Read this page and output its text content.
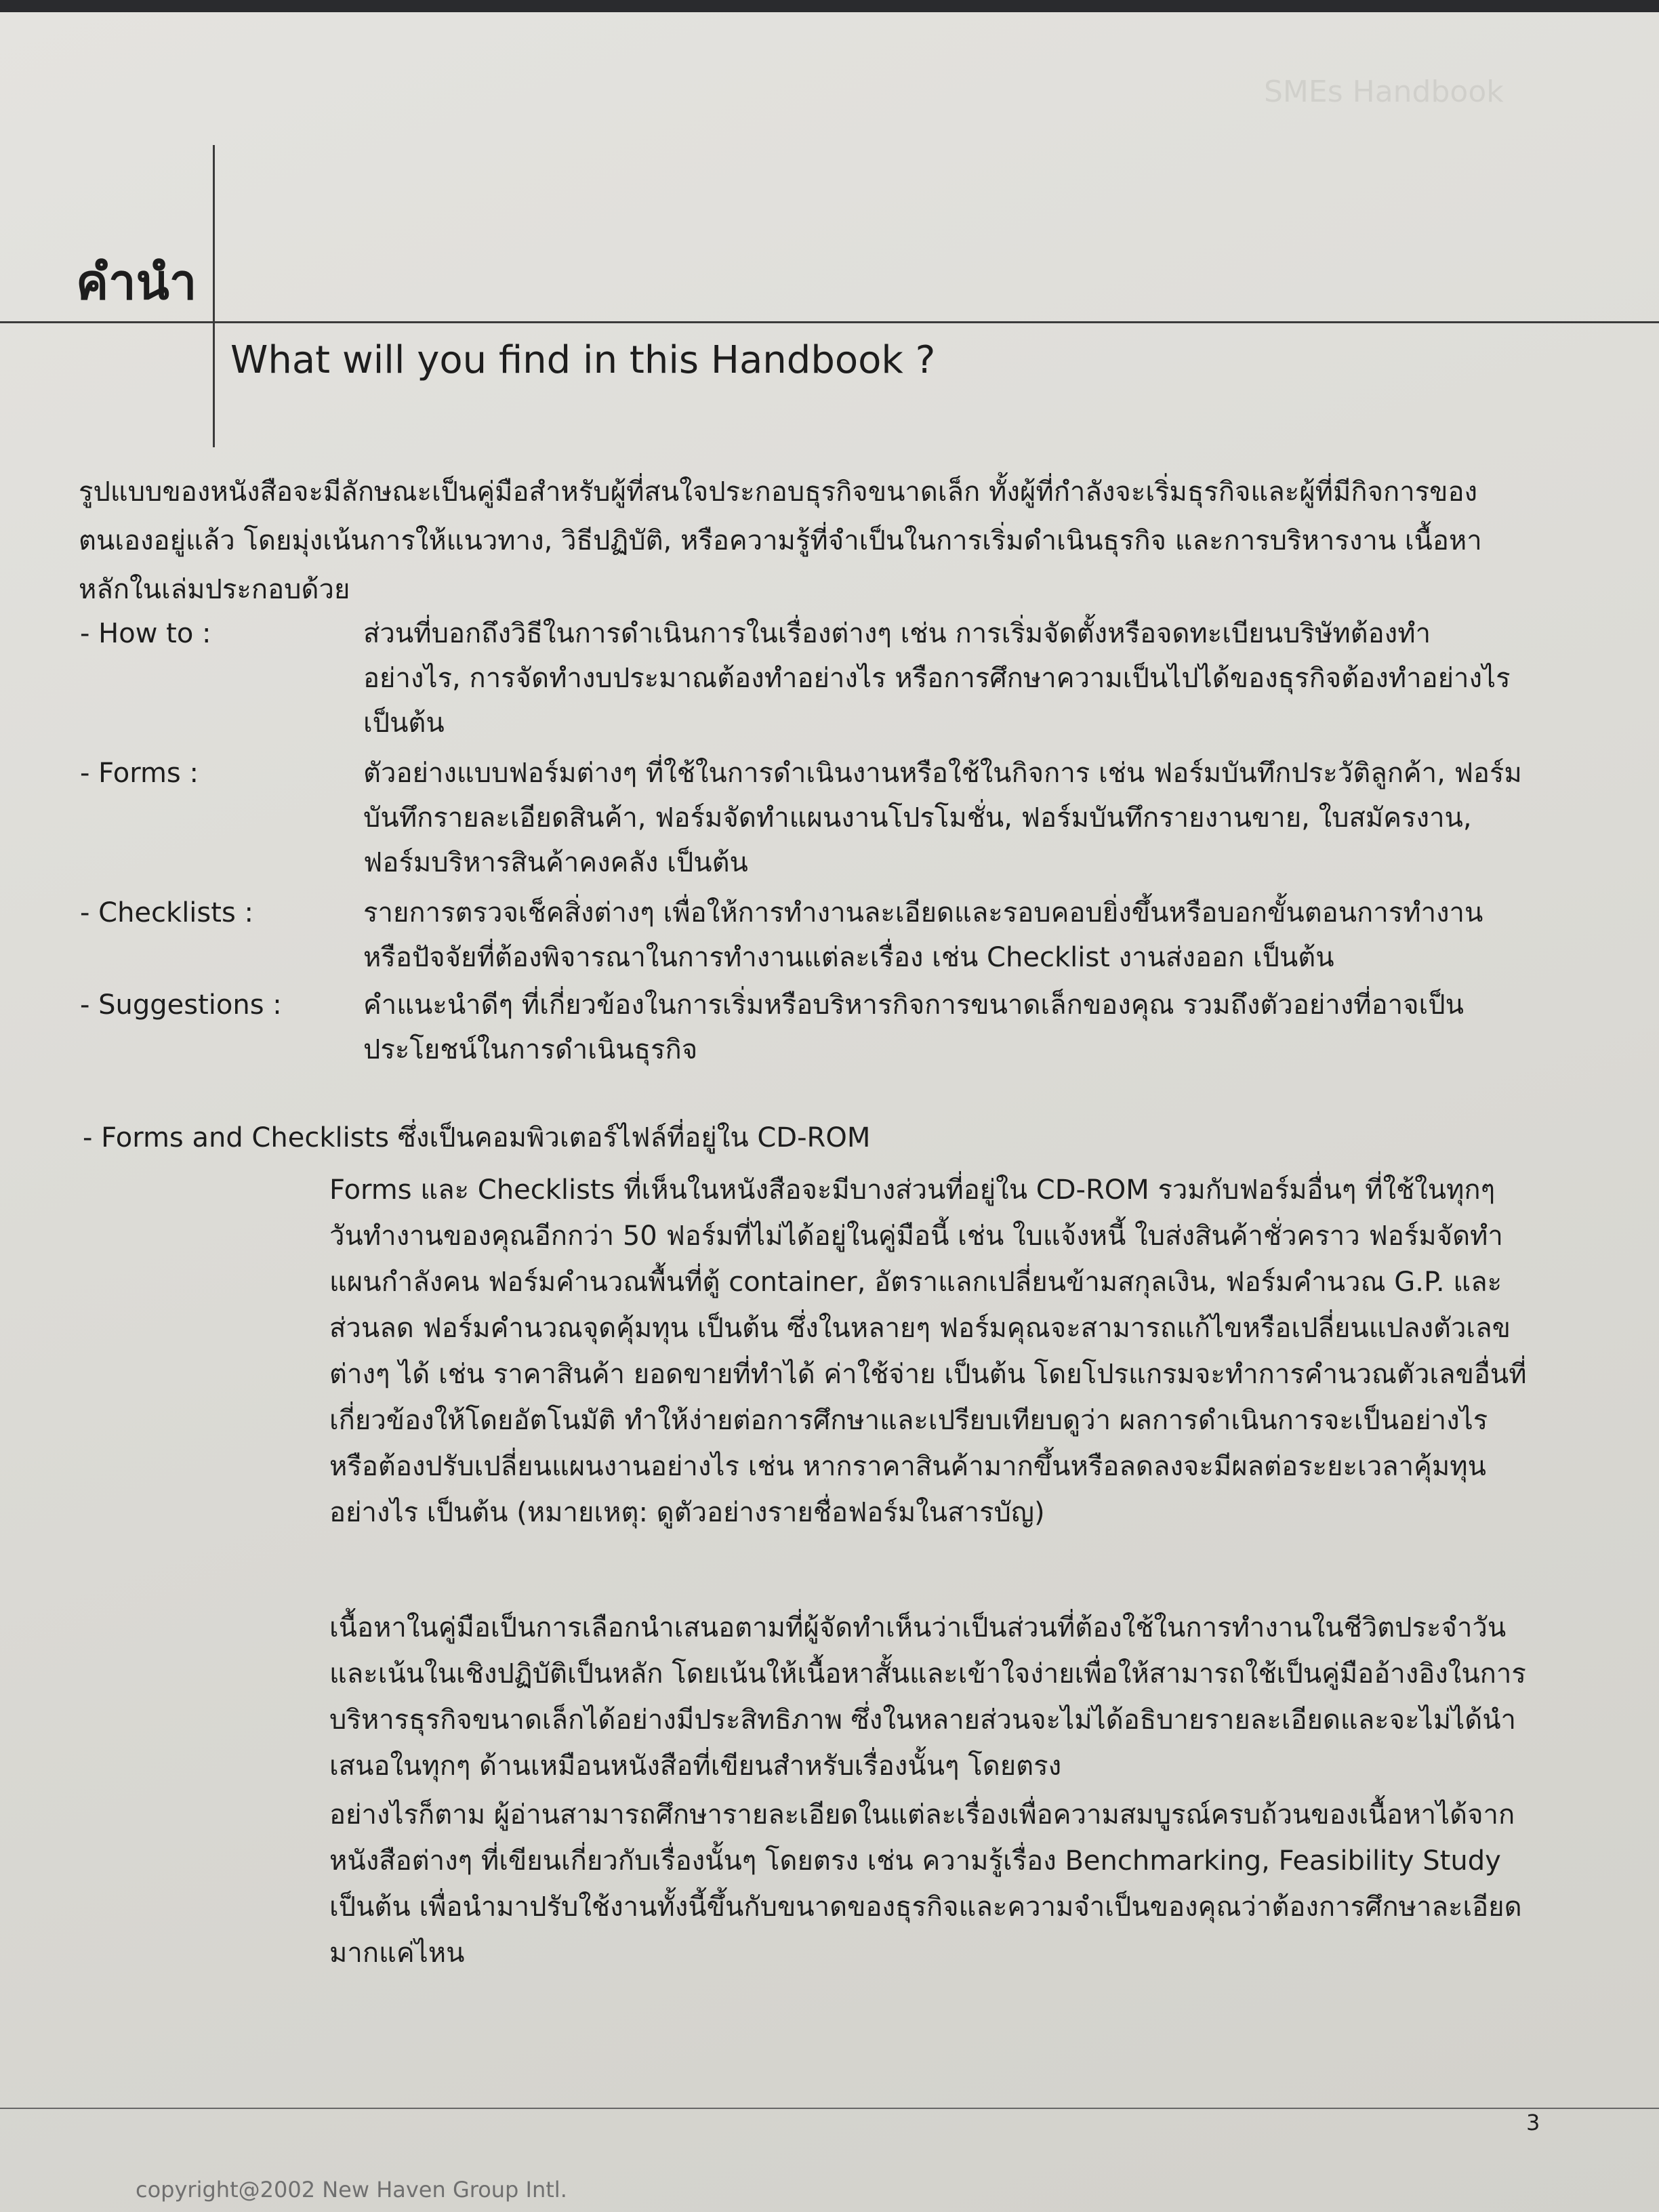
SMEs Handbook
คำนำ
What will you find in this Handbook ?

รูปแบบของหนังสือจะมีลักษณะเป็นคู่มือสำหรับผู้ที่สนใจประกอบธุรกิจขนาดเล็ก ทั้งผู้ที่กำลังจะเริ่มธุรกิจและผู้ที่มีกิจการของตนเองอยู่แล้ว โดยมุ่งเน้นการให้แนวทาง, วิธีปฏิบัติ, หรือความรู้ที่จำเป็นในการเริ่มดำเนินธุรกิจ และการบริหารงาน เนื้อหาหลักในเล่มประกอบด้วย

- How to :	ส่วนที่บอกถึงวิธีในการดำเนินการในเรื่องต่างๆ เช่น การเริ่มจัดตั้งหรือจดทะเบียนบริษัทต้องทำอย่างไร, การจัดทำงบประมาณต้องทำอย่างไร หรือการศึกษาความเป็นไปได้ของธุรกิจต้องทำอย่างไร เป็นต้น
- Forms :	ตัวอย่างแบบฟอร์มต่างๆ ที่ใช้ในการดำเนินงานหรือใช้ในกิจการ เช่น ฟอร์มบันทึกประวัติลูกค้า, ฟอร์มบันทึกรายละเอียดสินค้า, ฟอร์มจัดทำแผนงานโปรโมชั่น, ฟอร์มบันทึกรายงานขาย, ใบสมัครงาน, ฟอร์มบริหารสินค้าคงคลัง เป็นต้น
- Checklists :	รายการตรวจเช็คสิ่งต่างๆ เพื่อให้การทำงานละเอียดและรอบคอบยิ่งขึ้นหรือบอกขั้นตอนการทำงาน หรือปัจจัยที่ต้องพิจารณาในการทำงานแต่ละเรื่อง เช่น Checklist งานส่งออก เป็นต้น
- Suggestions :	คำแนะนำดีๆ ที่เกี่ยวข้องในการเริ่มหรือบริหารกิจการขนาดเล็กของคุณ รวมถึงตัวอย่างที่อาจเป็นประโยชน์ในการดำเนินธุรกิจ
- Forms and Checklists ซึ่งเป็นคอมพิวเตอร์ไฟล์ที่อยู่ใน CD-ROM

Forms และ Checklists ที่เห็นในหนังสือจะมีบางส่วนที่อยู่ใน CD-ROM รวมกับฟอร์มอื่นๆ ที่ใช้ในทุกๆ วันทำงานของคุณอีกกว่า 50 ฟอร์มที่ไม่ได้อยู่ในคู่มือนี้ เช่น ใบแจ้งหนี้ ใบส่งสินค้าชั่วคราว ฟอร์มจัดทำแผนกำลังคน ฟอร์มคำนวณพื้นที่ตู้ container, อัตราแลกเปลี่ยนข้ามสกุลเงิน, ฟอร์มคำนวณ G.P. และส่วนลด ฟอร์มคำนวณจุดคุ้มทุน เป็นต้น ซึ่งในหลายๆ ฟอร์มคุณจะสามารถแก้ไขหรือเปลี่ยนแปลงตัวเลขต่างๆ ได้ เช่น ราคาสินค้า ยอดขายที่ทำได้ ค่าใช้จ่าย เป็นต้น โดยโปรแกรมจะทำการคำนวณตัวเลขอื่นที่เกี่ยวข้องให้โดยอัตโนมัติ ทำให้ง่ายต่อการศึกษาและเปรียบเทียบดูว่า ผลการดำเนินการจะเป็นอย่างไร หรือต้องปรับเปลี่ยนแผนงานอย่างไร เช่น หากราคาสินค้ามากขึ้นหรือลดลงจะมีผลต่อระยะเวลาคุ้มทุนอย่างไร เป็นต้น (หมายเหตุ: ดูตัวอย่างรายชื่อฟอร์มในสารบัญ)

เนื้อหาในคู่มือเป็นการเลือกนำเสนอตามที่ผู้จัดทำเห็นว่าเป็นส่วนที่ต้องใช้ในการทำงานในชีวิตประจำวันและเน้นในเชิงปฏิบัติเป็นหลัก โดยเน้นให้เนื้อหาสั้นและเข้าใจง่ายเพื่อให้สามารถใช้เป็นคู่มืออ้างอิงในการบริหารธุรกิจขนาดเล็กได้อย่างมีประสิทธิภาพ ซึ่งในหลายส่วนจะไม่ได้อธิบายรายละเอียดและจะไม่ได้นำเสนอในทุกๆ ด้านเหมือนหนังสือที่เขียนสำหรับเรื่องนั้นๆ โดยตรง

อย่างไรก็ตาม ผู้อ่านสามารถศึกษารายละเอียดในแต่ละเรื่องเพื่อความสมบูรณ์ครบถ้วนของเนื้อหาได้จากหนังสือต่างๆ ที่เขียนเกี่ยวกับเรื่องนั้นๆ โดยตรง เช่น ความรู้เรื่อง Benchmarking, Feasibility Study เป็นต้น เพื่อนำมาปรับใช้งานทั้งนี้ขึ้นกับขนาดของธุรกิจและความจำเป็นของคุณว่าต้องการศึกษาละเอียดมากแค่ไหน

3
copyright@2002 New Haven Group Intl.
